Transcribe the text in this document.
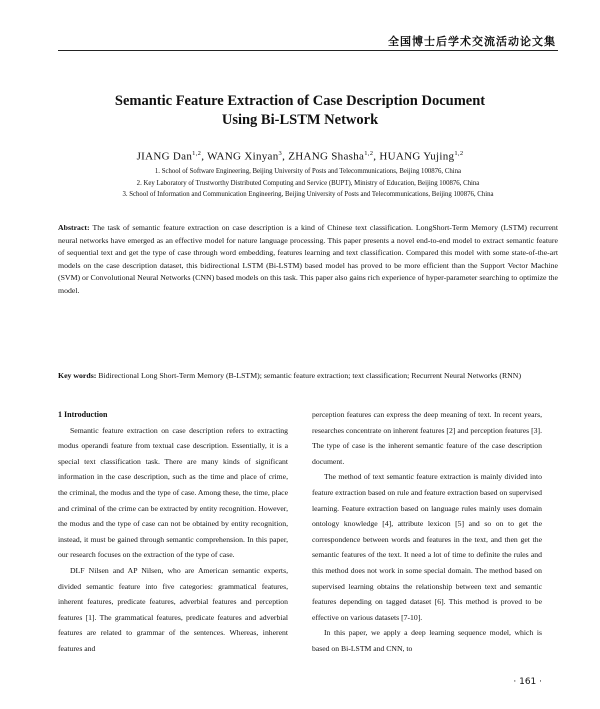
全国博士后学术交流活动论文集
Semantic Feature Extraction of Case Description Document
Using Bi-LSTM Network
JIANG Dan$^{1,2}$, WANG Xinyan$^3$, ZHANG Shasha$^{1,2}$, HUANG Yujing$^{1,2}$
1. School of Software Engineering, Beijing University of Posts and Telecommunications, Beijing 100876, China
2. Key Laboratory of Trustworthy Distributed Computing and Service (BUPT), Ministry of Education, Beijing 100876, China
3. School of Information and Communication Engineering, Beijing University of Posts and Telecommunications, Beijing 100876, China
Abstract: The task of semantic feature extraction on case description is a kind of Chinese text classification. LongShort-Term Memory (LSTM) recurrent neural networks have emerged as an effective model for nature language processing. This paper presents a novel end-to-end model to extract semantic feature of sequential text and get the type of case through word embedding, features learning and text classification. Compared this model with some state-of-the-art models on the case description dataset, this bidirectional LSTM (Bi-LSTM) based model has proved to be more efficient than the Support Vector Machine (SVM) or Convolutional Neural Networks (CNN) based models on this task. This paper also gains rich experience of hyper-parameter searching to optimize the model.
Key words: Bidirectional Long Short-Term Memory (B-LSTM); semantic feature extraction; text classification; Recurrent Neural Networks (RNN)

1 Introduction

Semantic feature extraction on case description refers to extracting modus operandi feature from textual case description. Essentially, it is a special text classification task. There are many kinds of significant information in the case description, such as the time and place of crime, the criminal, the modus and the type of case. Among these, the time, place and criminal of the crime can be extracted by entity recognition. However, the modus and the type of case can not be obtained by entity recognition, instead, it must be gained through semantic comprehension. In this paper, our research focuses on the extraction of the type of case.

DLF Nilsen and AP Nilsen, who are American semantic experts, divided semantic feature into five categories: grammatical features, inherent features, predicate features, adverbial features and perception features [1]. The grammatical features, predicate features and adverbial features are related to grammar of the sentences. Whereas, inherent features and

perception features can express the deep meaning of text. In recent years, researches concentrate on inherent features [2] and perception features [3]. The type of case is the inherent semantic feature of the case description document.

The method of text semantic feature extraction is mainly divided into feature extraction based on rule and feature extraction based on supervised learning. Feature extraction based on language rules mainly uses domain ontology knowledge [4], attribute lexicon [5] and so on to get the correspondence between words and features in the text, and then get the semantic features of the text. It need a lot of time to definite the rules and this method does not work in some special domain. The method based on supervised learning obtains the relationship between text and semantic features depending on tagged dataset [6]. This method is proved to be effective on various datasets [7-10].

In this paper, we apply a deep learning sequence model, which is based on Bi-LSTM and CNN, to

· 161 ·
